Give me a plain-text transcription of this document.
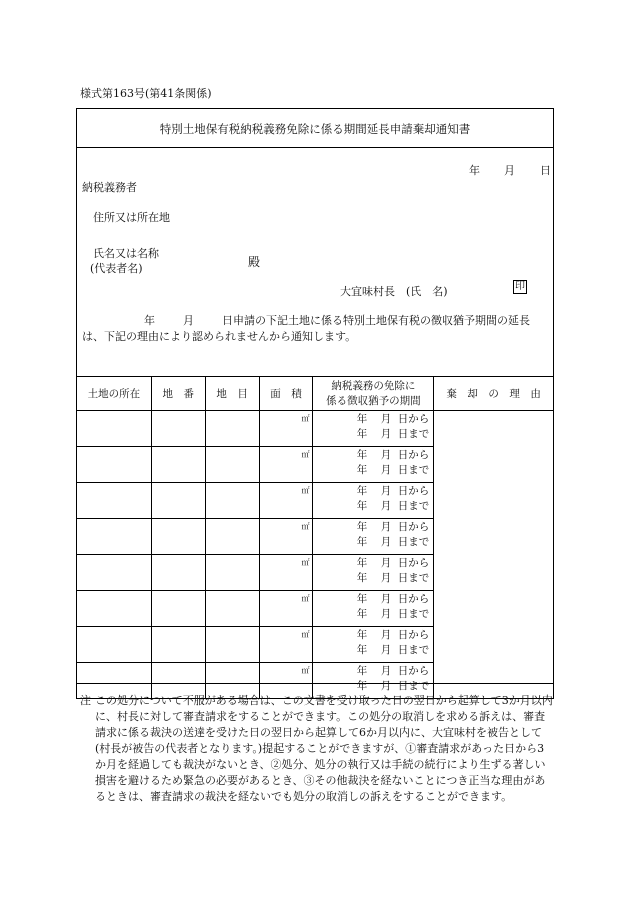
様式第163号(第41条関係)
特別土地保有税納税義務免除に係る期間延長申請棄却通知書
年 月 日
納税義務者
住所又は所在地
氏名又は名称
(代表者名)	殿
大宜味村長　(氏　名)	印
年	月	日申請の下記土地に係る特別土地保有税の徴収猶予期間の延長
は、下記の理由により認められませんから通知します。
土地の所在	地　番	地　目	面　積	納税義務の免除に
係る徴収猶予の期間	棄　却　の　理　由
			㎡	年 月 日から
年 月 日まで	

			㎡	年 月 日から
年 月 日まで	

			㎡	年 月 日から
年 月 日まで	

			㎡	年 月 日から
年 月 日まで	

			㎡	年 月 日から
年 月 日まで	

			㎡	年 月 日から
年 月 日まで	

			㎡	年 月 日から
年 月 日まで	

			㎡	年 月 日から
年 月 日まで	
注 この処分について不服がある場合は、この文書を受け取った日の翌日から起算して3か月以内に、村長に対して審査請求をすることができます。この処分の取消しを求める訴えは、審査請求に係る裁決の送達を受けた日の翌日から起算して6か月以内に、大宜味村を被告として(村長が被告の代表者となります。)提起することができますが、①審査請求があった日から3か月を経過しても裁決がないとき、②処分、処分の執行又は手続の続行により生ずる著しい損害を避けるため緊急の必要があるとき、③その他裁決を経ないことにつき正当な理由があるときは、審査請求の裁決を経ないでも処分の取消しの訴えをすることができます。
